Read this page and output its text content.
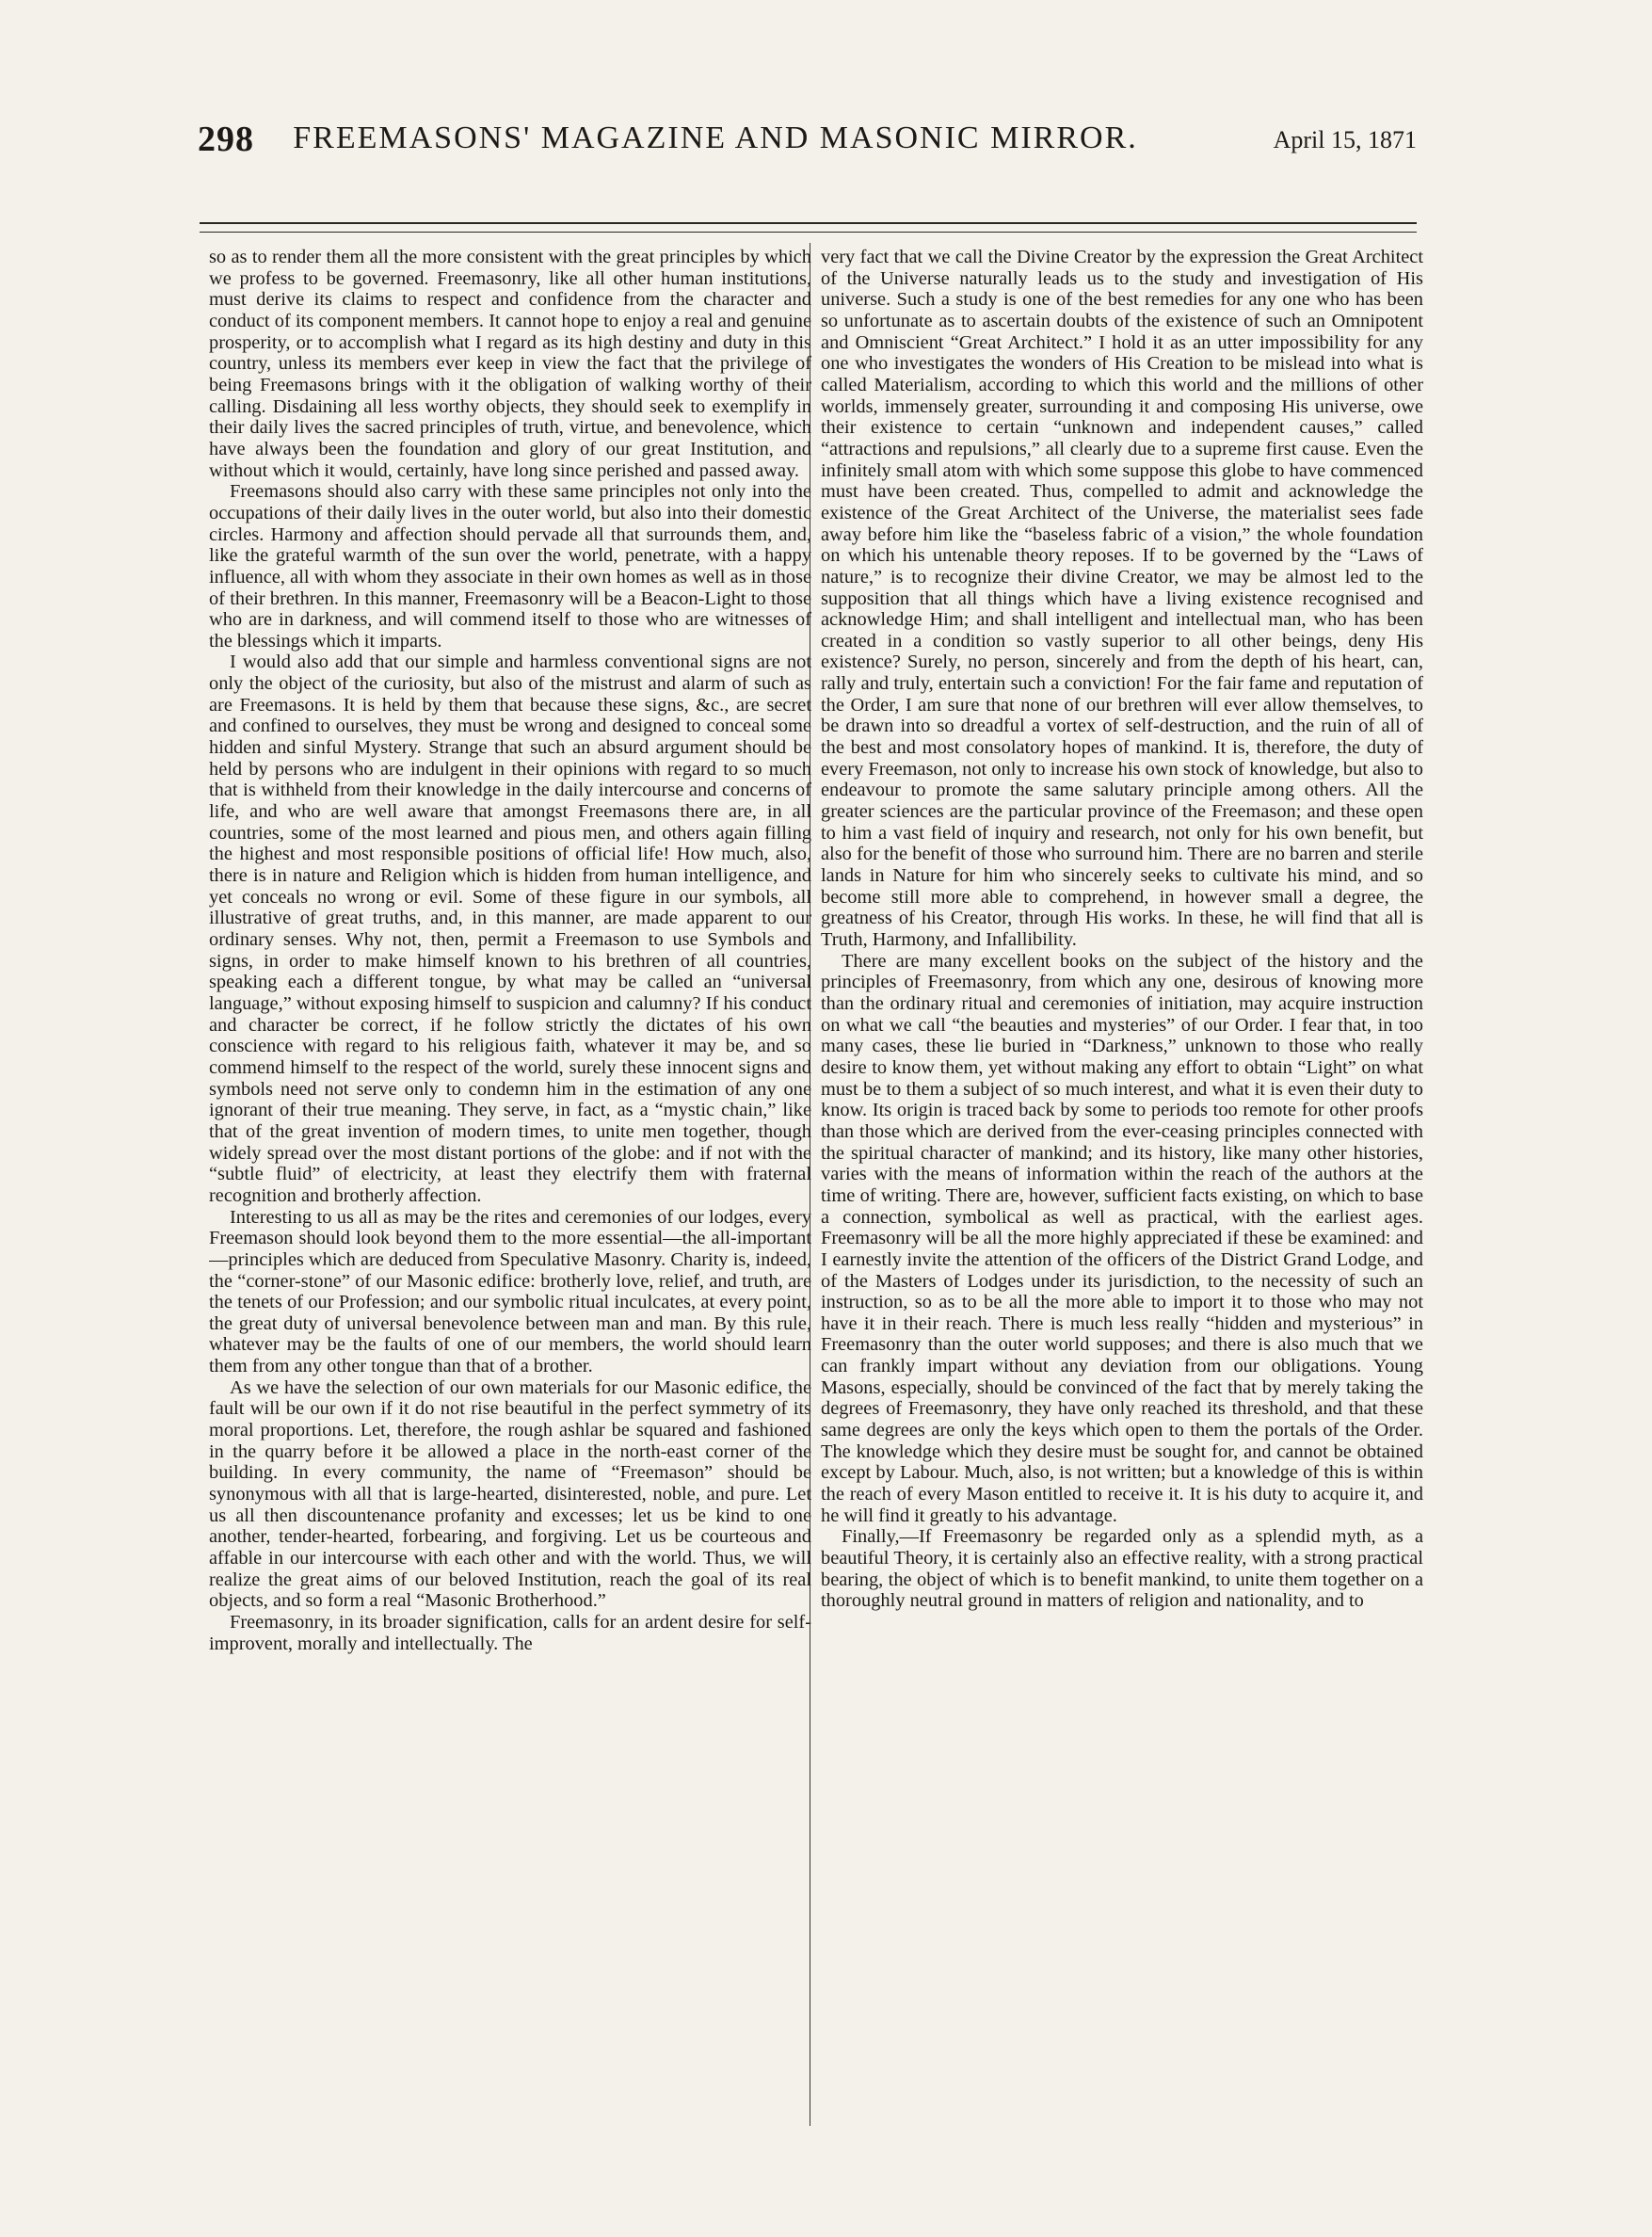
298	FREEMASONS' MAGAZINE AND MASONIC MIRROR.	April 15, 1871

so as to render them all the more consistent with the great principles by which we profess to be governed. Freemasonry, like all other human institutions, must derive its claims to respect and confidence from the character and conduct of its component members. It cannot hope to enjoy a real and genuine prosperity, or to accomplish what I regard as its high destiny and duty in this country, unless its members ever keep in view the fact that the privilege of being Freemasons brings with it the obligation of walking worthy of their calling. Disdaining all less worthy objects, they should seek to exemplify in their daily lives the sacred principles of truth, virtue, and benevolence, which have always been the foundation and glory of our great Institution, and without which it would, certainly, have long since perished and passed away.

Freemasons should also carry with these same principles not only into the occupations of their daily lives in the outer world, but also into their domestic circles. Harmony and affection should pervade all that surrounds them, and, like the grateful warmth of the sun over the world, penetrate, with a happy influence, all with whom they associate in their own homes as well as in those of their brethren. In this manner, Freemasonry will be a Beacon-Light to those who are in darkness, and will commend itself to those who are witnesses of the blessings which it imparts.

I would also add that our simple and harmless conventional signs are not only the object of the curiosity, but also of the mistrust and alarm of such as are Freemasons. It is held by them that because these signs, &c., are secret and confined to ourselves, they must be wrong and designed to conceal some hidden and sinful Mystery. Strange that such an absurd argument should be held by persons who are indulgent in their opinions with regard to so much that is withheld from their knowledge in the daily intercourse and concerns of life, and who are well aware that amongst Freemasons there are, in all countries, some of the most learned and pious men, and others again filling the highest and most responsible positions of official life! How much, also, there is in nature and Religion which is hidden from human intelligence, and yet conceals no wrong or evil. Some of these figure in our symbols, all illustrative of great truths, and, in this manner, are made apparent to our ordinary senses. Why not, then, permit a Freemason to use Symbols and signs, in order to make himself known to his brethren of all countries, speaking each a different tongue, by what may be called an “universal language,” without exposing himself to suspicion and calumny? If his conduct and character be correct, if he follow strictly the dictates of his own conscience with regard to his religious faith, whatever it may be, and so commend himself to the respect of the world, surely these innocent signs and symbols need not serve only to condemn him in the estimation of any one ignorant of their true meaning. They serve, in fact, as a “mystic chain,” like that of the great invention of modern times, to unite men together, though widely spread over the most distant portions of the globe: and if not with the “subtle fluid” of electricity, at least they electrify them with fraternal recognition and brotherly affection.

Interesting to us all as may be the rites and ceremonies of our lodges, every Freemason should look beyond them to the more essential—the all-important—principles which are deduced from Speculative Masonry. Charity is, indeed, the “corner-stone” of our Masonic edifice: brotherly love, relief, and truth, are the tenets of our Profession; and our symbolic ritual inculcates, at every point, the great duty of universal benevolence between man and man. By this rule, whatever may be the faults of one of our members, the world should learn them from any other tongue than that of a brother.

As we have the selection of our own materials for our Masonic edifice, the fault will be our own if it do not rise beautiful in the perfect symmetry of its moral proportions. Let, therefore, the rough ashlar be squared and fashioned in the quarry before it be allowed a place in the north-east corner of the building. In every community, the name of “Freemason” should be synonymous with all that is large-hearted, disinterested, noble, and pure. Let us all then discountenance profanity and excesses; let us be kind to one another, tender-hearted, forbearing, and forgiving. Let us be courteous and affable in our intercourse with each other and with the world. Thus, we will realize the great aims of our beloved Institution, reach the goal of its real objects, and so form a real “Masonic Brotherhood.”

Freemasonry, in its broader signification, calls for an ardent desire for self-improvent, morally and intellectually. The

very fact that we call the Divine Creator by the expression the Great Architect of the Universe naturally leads us to the study and investigation of His universe. Such a study is one of the best remedies for any one who has been so unfortunate as to ascertain doubts of the existence of such an Omnipotent and Omniscient “Great Architect.” I hold it as an utter impossibility for any one who investigates the wonders of His Creation to be mislead into what is called Materialism, according to which this world and the millions of other worlds, immensely greater, surrounding it and composing His universe, owe their existence to certain “unknown and independent causes,” called “attractions and repulsions,” all clearly due to a supreme first cause. Even the infinitely small atom with which some suppose this globe to have commenced must have been created. Thus, compelled to admit and acknowledge the existence of the Great Architect of the Universe, the materialist sees fade away before him like the “baseless fabric of a vision,” the whole foundation on which his untenable theory reposes. If to be governed by the “Laws of nature,” is to recognize their divine Creator, we may be almost led to the supposition that all things which have a living existence recognised and acknowledge Him; and shall intelligent and intellectual man, who has been created in a condition so vastly superior to all other beings, deny His existence? Surely, no person, sincerely and from the depth of his heart, can, rally and truly, entertain such a conviction! For the fair fame and reputation of the Order, I am sure that none of our brethren will ever allow themselves, to be drawn into so dreadful a vortex of self-destruction, and the ruin of all of the best and most consolatory hopes of mankind. It is, therefore, the duty of every Freemason, not only to increase his own stock of knowledge, but also to endeavour to promote the same salutary principle among others. All the greater sciences are the particular province of the Freemason; and these open to him a vast field of inquiry and research, not only for his own benefit, but also for the benefit of those who surround him. There are no barren and sterile lands in Nature for him who sincerely seeks to cultivate his mind, and so become still more able to comprehend, in however small a degree, the greatness of his Creator, through His works. In these, he will find that all is Truth, Harmony, and Infallibility.

There are many excellent books on the subject of the history and the principles of Freemasonry, from which any one, desirous of knowing more than the ordinary ritual and ceremonies of initiation, may acquire instruction on what we call “the beauties and mysteries” of our Order. I fear that, in too many cases, these lie buried in “Darkness,” unknown to those who really desire to know them, yet without making any effort to obtain “Light” on what must be to them a subject of so much interest, and what it is even their duty to know. Its origin is traced back by some to periods too remote for other proofs than those which are derived from the ever-ceasing principles connected with the spiritual character of mankind; and its history, like many other histories, varies with the means of information within the reach of the authors at the time of writing. There are, however, sufficient facts existing, on which to base a connection, symbolical as well as practical, with the earliest ages. Freemasonry will be all the more highly appreciated if these be examined: and I earnestly invite the attention of the officers of the District Grand Lodge, and of the Masters of Lodges under its jurisdiction, to the necessity of such an instruction, so as to be all the more able to import it to those who may not have it in their reach. There is much less really “hidden and mysterious” in Freemasonry than the outer world supposes; and there is also much that we can frankly impart without any deviation from our obligations. Young Masons, especially, should be convinced of the fact that by merely taking the degrees of Freemasonry, they have only reached its threshold, and that these same degrees are only the keys which open to them the portals of the Order. The knowledge which they desire must be sought for, and cannot be obtained except by Labour. Much, also, is not written; but a knowledge of this is within the reach of every Mason entitled to receive it. It is his duty to acquire it, and he will find it greatly to his advantage.

Finally,—If Freemasonry be regarded only as a splendid myth, as a beautiful Theory, it is certainly also an effective reality, with a strong practical bearing, the object of which is to benefit mankind, to unite them together on a thoroughly neutral ground in matters of religion and nationality, and to
